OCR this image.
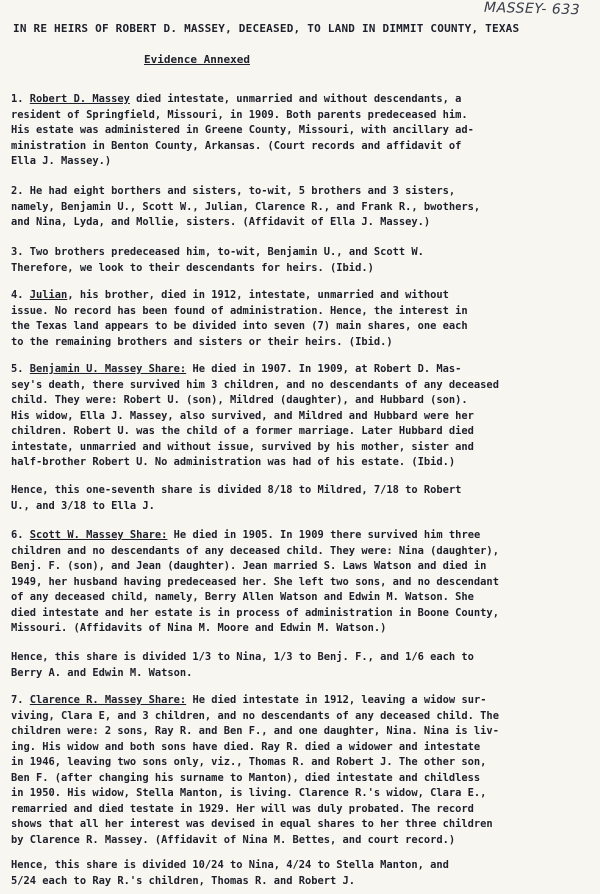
MASSEY- 633
IN RE HEIRS OF ROBERT D. MASSEY, DECEASED, TO LAND IN DIMMIT COUNTY, TEXAS
Evidence Annexed

1. Robert D. Massey died intestate, unmarried and without descendants, a
resident of Springfield, Missouri, in 1909. Both parents predeceased him.
His estate was administered in Greene County, Missouri, with ancillary ad-
ministration in Benton County, Arkansas. (Court records and affidavit of
Ella J. Massey.)

2. He had eight borthers and sisters, to-wit, 5 brothers and 3 sisters,
namely, Benjamin U., Scott W., Julian, Clarence R., and Frank R., bwothers,
and Nina, Lyda, and Mollie, sisters. (Affidavit of Ella J. Massey.)

3. Two brothers predeceased him, to-wit, Benjamin U., and Scott W.
Therefore, we look to their descendants for heirs. (Ibid.)

4. Julian, his brother, died in 1912, intestate, unmarried and without
issue. No record has been found of administration. Hence, the interest in
the Texas land appears to be divided into seven (7) main shares, one each
to the remaining brothers and sisters or their heirs. (Ibid.)

5. Benjamin U. Massey Share: He died in 1907. In 1909, at Robert D. Mas-
sey's death, there survived him 3 children, and no descendants of any deceased
child. They were: Robert U. (son), Mildred (daughter), and Hubbard (son).
His widow, Ella J. Massey, also survived, and Mildred and Hubbard were her
children. Robert U. was the child of a former marriage. Later Hubbard died
intestate, unmarried and without issue, survived by his mother, sister and
half-brother Robert U. No administration was had of his estate. (Ibid.)

Hence, this one-seventh share is divided 8/18 to Mildred, 7/18 to Robert
U., and 3/18 to Ella J.

6. Scott W. Massey Share: He died in 1905. In 1909 there survived him three
children and no descendants of any deceased child. They were: Nina (daughter),
Benj. F. (son), and Jean (daughter). Jean married S. Laws Watson and died in
1949, her husband having predeceased her. She left two sons, and no descendant
of any deceased child, namely, Berry Allen Watson and Edwin M. Watson. She
died intestate and her estate is in process of administration in Boone County,
Missouri. (Affidavits of Nina M. Moore and Edwin M. Watson.)

Hence, this share is divided 1/3 to Nina, 1/3 to Benj. F., and 1/6 each to
Berry A. and Edwin M. Watson.

7. Clarence R. Massey Share: He died intestate in 1912, leaving a widow sur-
viving, Clara E, and 3 children, and no descendants of any deceased child. The
children were: 2 sons, Ray R. and Ben F., and one daughter, Nina. Nina is liv-
ing. His widow and both sons have died. Ray R. died a widower and intestate
in 1946, leaving two sons only, viz., Thomas R. and Robert J. The other son,
Ben F. (after changing his surname to Manton), died intestate and childless
in 1950. His widow, Stella Manton, is living. Clarence R.'s widow, Clara E.,
remarried and died testate in 1929. Her will was duly probated. The record
shows that all her interest was devised in equal shares to her three children
by Clarence R. Massey. (Affidavit of Nina M. Bettes, and court record.)

Hence, this share is divided 10/24 to Nina, 4/24 to Stella Manton, and
5/24 each to Ray R.'s children, Thomas R. and Robert J.
